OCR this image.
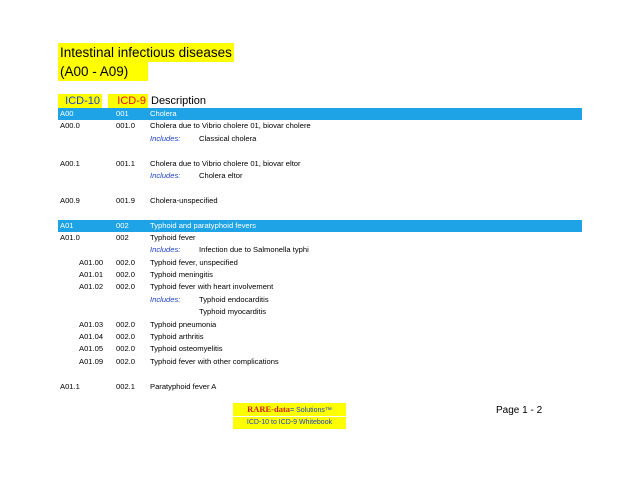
Intestinal infectious diseases
(A00 - A09)
ICD-10	ICD-9 Description
A00	001	Cholera
A00.0	001.0 Cholera due to Vibrio cholere 01, biovar cholere
Includes: Classical cholera
A00.1	001.1 Cholera due to Vibrio cholere 01, biovar eltor
Includes: Cholera eltor
A00.9	001.9 Cholera-unspecified
A01	002	Typhoid and paratyphoid fevers
A01.0	002	Typhoid fever
Includes: Infection due to Salmonella typhi
A01.00 002.0 Typhoid fever, unspecified
A01.01 002.0 Typhoid meningitis
A01.02 002.0 Typhoid fever with heart involvement
Includes: Typhoid endocarditis
Typhoid myocarditis
A01.03 002.0 Typhoid pneumonia
A01.04 002.0 Typhoid arthritis
A01.05 002.0 Typhoid osteomyelitis
A01.09 002.0 Typhoid fever with other complications
A01.1	002.1 Paratyphoid fever A
RARE-data= Solutions™
ICD-10 to ICD-9 Whitebook
Page 1 - 2
